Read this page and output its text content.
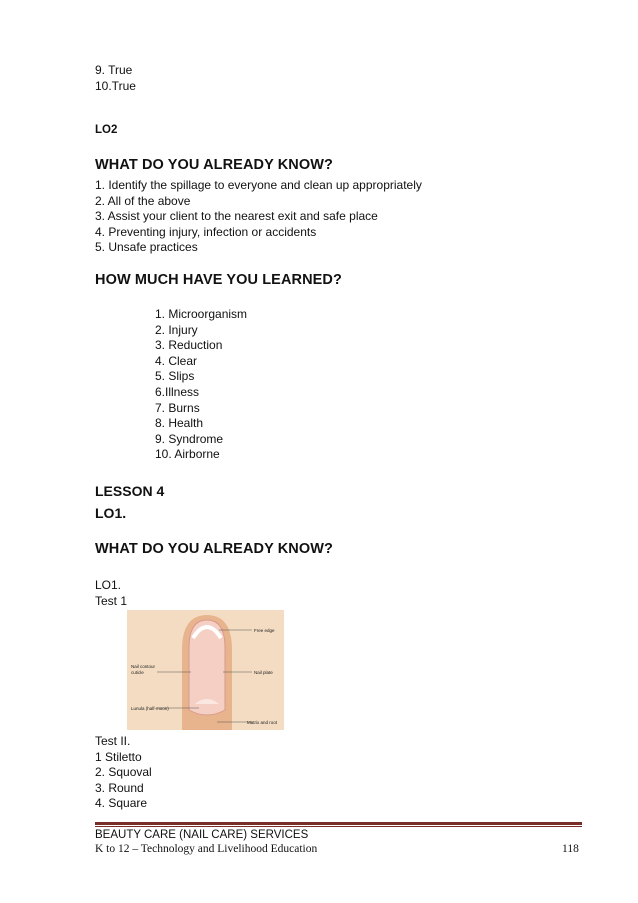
9. True
10.True
LO2
WHAT DO YOU ALREADY KNOW?
1. Identify the spillage to everyone and clean up appropriately
2. All of the above
3. Assist your client to the nearest exit and safe place
4. Preventing injury, infection or accidents
5. Unsafe practices
HOW MUCH HAVE YOU LEARNED?
1. Microorganism
2. Injury
3. Reduction
4. Clear
5. Slips
6.Illness
7. Burns
8. Health
9. Syndrome
10. Airborne
LESSON 4
LO1.
WHAT DO YOU ALREADY KNOW?
LO1.
Test 1
Free edge
Nail plate
Nail contour
cuticle
Lunula (half-moon)
Matrix and root
Test II.
1 Stiletto
2. Squoval
3. Round
4. Square
BEAUTY CARE (NAIL CARE) SERVICES
K to 12 – Technology and Livelihood Education	118
